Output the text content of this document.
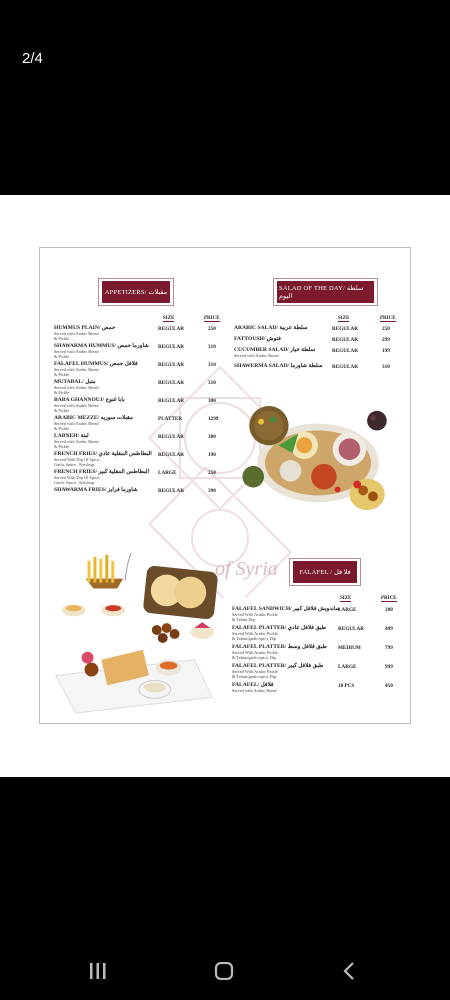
2/4
of Syria
APPETIZERS/ مقبلات
SIZE	PRICE
HUMMUS PLAIN/ حمص
Served with Arabic Bread
& Pickle
REGULAR	250
SHAWARMA HUMMUS/ شاورما حمص
Served with Arabic Bread
& Pickle
REGULAR	310
FALAFEL HUMMUS/ فلافل حمص
Served with Arabic Bread
& Pickle
REGULAR	310
MUTABAL/ متبل
Served with Arabic Bread
& Pickle
REGULAR	310
BABA GHANNOUJ/ بابا غنوج
Served with Arabic Bread
& Pickle
REGULAR	300
ARABIC MEZZE/ مقبلات سوريه
Served with Arabic Bread
& Pickle
PLATTER	1299
LABNEH/ لبنة
Served with Arabic Bread
& Pickle
REGULAR	300
FRENCH FRIES/ البطاطس المقلية عادي
Served With Dip Of Spice,
Garlic Sauce , Ketchup
REGULAR	190
FRENCH FRIES/ البطاطس المقلية كبير
Served With Dip Of Spice,
Garlic Sauce , Ketchup
LARGE	250
SHAWARMA FRIES/ شاورما فرايز	REGULAR	390
SALAD OF THE DAY/ سلطة اليوم
SIZE	PRICE
ARABIC SALAD/ سلطة عربية	REGULAR	250
FATTOUSH/ فتوش	REGULAR	299
CUCUMBER SALAD/ سلطة خيار
Served with Arabic Bread
REGULAR	199
SHAWERMA SALAD/ سلطة شاورما REGULAR	310
FALAFEL / فلا فل
SIZE	PRICE
FALAFEL SANDWICH/ ساندويش فلافل كبير
Served With Arabic Pickle
& Tahini Dip
LARGE	200
FALAFEL PLATTER/ طبق فلافل عادي
Served With Arabic Pickle
& Tahini/garlic/spicy Dip
REGULAR	499
FALAFEL PLATTER/ طبق فلافل وسط
Served With Arabic Pickle
& Tahini/garlic/spicy Dip
MEDIUM	799
FALAFEL PLATTER/ طبق فلافل كبير
Served With Arabic Pickle
& Tahini/garlic/spicy Dip
LARGE	999
FALAFEL/ فلافل
Served with Arabic Bread
10 PCS	450
